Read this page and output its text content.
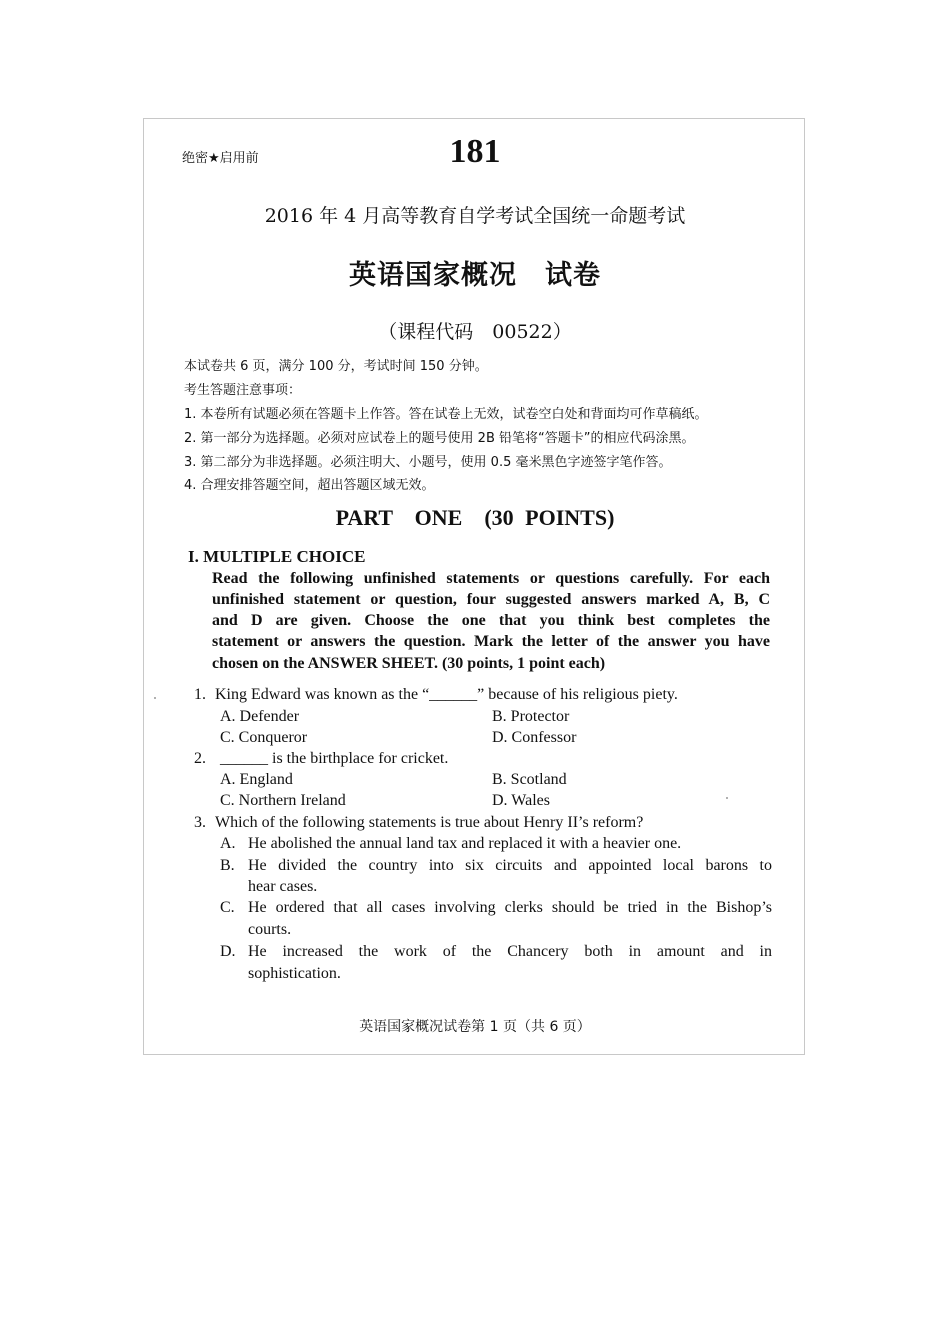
绝密★启用前	181
2016 年 4 月高等教育自学考试全国统一命题考试
英语国家概况　试卷
（课程代码　00522）
本试卷共 6 页，满分 100 分，考试时间 150 分钟。
考生答题注意事项：
1. 本卷所有试题必须在答题卡上作答。答在试卷上无效，试卷空白处和背面均可作草稿纸。
2. 第一部分为选择题。必须对应试卷上的题号使用 2B 铅笔将“答题卡”的相应代码涂黑。
3. 第二部分为非选择题。必须注明大、小题号，使用 0.5 毫米黑色字迹签字笔作答。
4. 合理安排答题空间，超出答题区域无效。
PART　ONE　(30 POINTS)
I. MULTIPLE CHOICE
Read the following unfinished statements or questions carefully. For each
unfinished statement or question, four suggested answers marked A, B, C
and D are given. Choose the one that you think best completes the
statement or answers the question. Mark the letter of the answer you have
chosen on the ANSWER SHEET. (30 points, 1 point each)
1. King Edward was known as the “______” because of his religious piety.
A. Defender	B. Protector
C. Conqueror	D. Confessor
2. ______ is the birthplace for cricket.
A. England	B. Scotland
C. Northern Ireland	D. Wales
3. Which of the following statements is true about Henry II’s reform?
A. He abolished the annual land tax and replaced it with a heavier one.
B. He divided the country into six circuits and appointed local barons to
hear cases.
C. He ordered that all cases involving clerks should be tried in the Bishop’s
courts.
D. He increased the work of the Chancery both in amount and in
sophistication.
英语国家概况试卷第 1 页（共 6 页）
